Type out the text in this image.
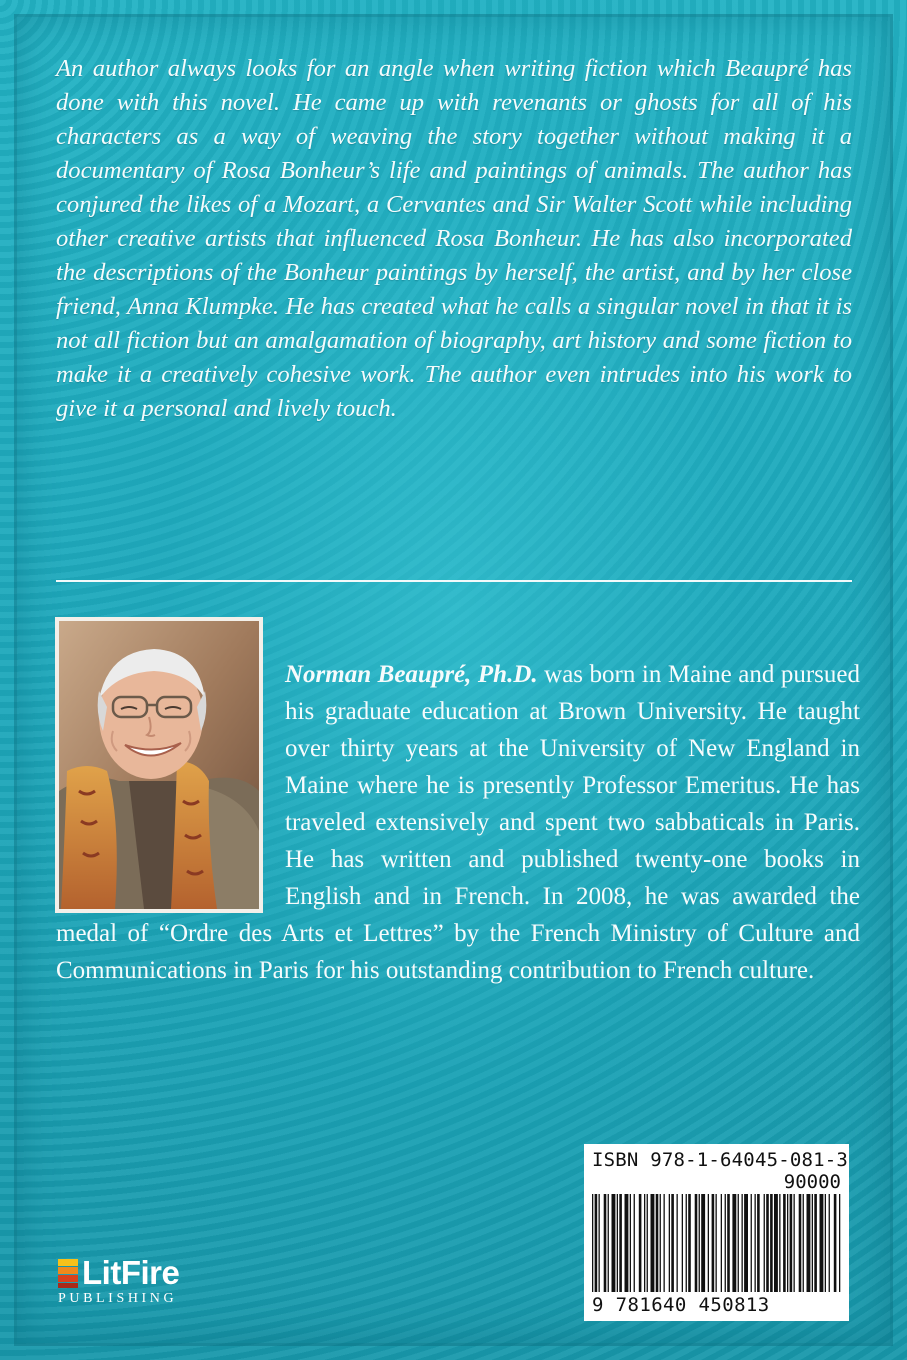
An author always looks for an angle when writing fiction which Beaupré has done with this novel. He came up with revenants or ghosts for all of his characters as a way of weaving the story together without making it a documentary of Rosa Bonheur’s life and paintings of animals. The author has conjured the likes of a Mozart, a Cervantes and Sir Walter Scott while including other creative artists that influenced Rosa Bonheur. He has also incorporated the descriptions of the Bonheur paintings by herself, the artist, and by her close friend, Anna Klumpke. He has created what he calls a singular novel in that it is not all fiction but an amalgamation of biography, art history and some fiction to make it a creatively cohesive work. The author even intrudes into his work to give it a personal and lively touch.

Norman Beaupré, Ph.D. was born in Maine and pursued his graduate education at Brown University. He taught over thirty years at the University of New England in Maine where he is presently Professor Emeritus. He has traveled extensively and spent two sabbaticals in Paris. He has written and published twenty-one books in English and in French. In 2008, he was awarded the medal of “Ordre des Arts et Lettres” by the French Ministry of Culture and Communications in Paris for his outstanding contribution to French culture.

LitFire
PUBLISHING
ISBN 978-1-64045-081-3
90000
9 781640 450813
